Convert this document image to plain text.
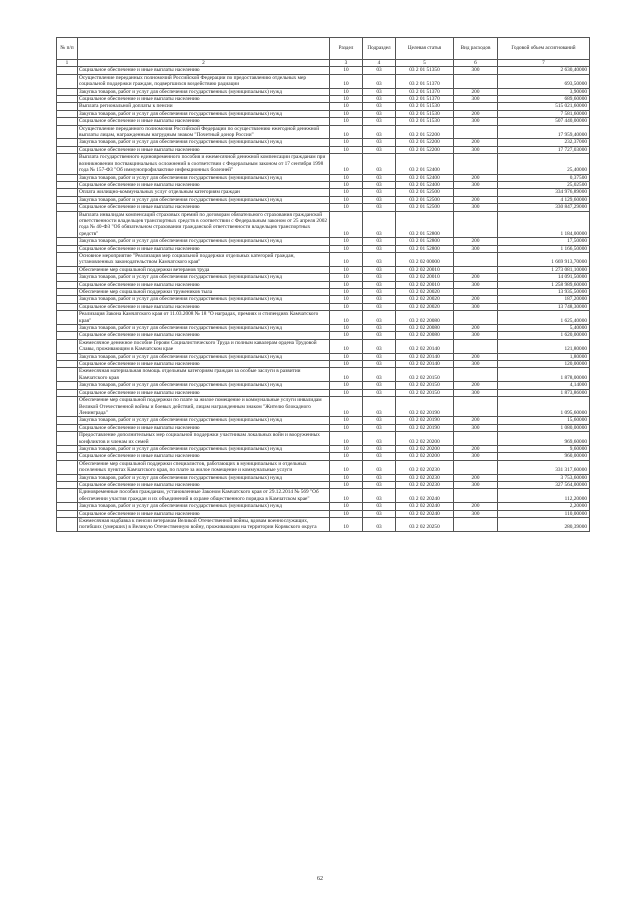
№ п/п		Раздел	Подраздел	Целевая статья	Вид расходов	Годовой объем ассигнований
1	2	3	4	5	6	7
	Социальное обеспечение и иные выплаты населению	10	03	03 2 01 51350	300	2 630,40000
	Осуществление переданных полномочий Российской Федерации по предоставлению отдельных мер социальной поддержки граждан, подвергшихся воздействию радиации	10	03	03 2 01 51370		693,50000
	Закупка товаров, работ и услуг для обеспечения государственных (муниципальных) нужд	10	03	03 2 01 51370	200	3,90000
	Социальное обеспечение и иные выплаты населению	10	03	03 2 01 51370	300	689,60000
	Выплата региональной доплаты к пенсии	10	03	03 2 01 51530		515 021,60000
	Закупка товаров, работ и услуг для обеспечения государственных (муниципальных) нужд	10	03	03 2 01 51530	200	7 581,60000
	Социальное обеспечение и иные выплаты населению	10	03	03 2 01 51530	300	507 440,00000
	Осуществление переданного полномочия Российской Федерации по осуществлению ежегодной денежной выплаты лицам, награжденным нагрудным знаком "Почетный донор России"	10	03	03 2 01 52200		17 959,40000
	Закупка товаров, работ и услуг для обеспечения государственных (муниципальных) нужд	10	03	03 2 01 52200	200	232,37000
	Социальное обеспечение и иные выплаты населению	10	03	03 2 01 52200	300	17 727,03000
	Выплата государственного единовременного пособия и ежемесячной денежной компенсации гражданам при возникновении поствакцинальных осложнений в соответствии с Федеральным законом от 17 сентября 1998 года № 157-ФЗ "Об иммунопрофилактике инфекционных болезней"	10	03	03 2 01 52400		25,40000
	Закупка товаров, работ и услуг для обеспечения государственных (муниципальных) нужд	10	03	03 2 01 52400	200	0,37500
	Социальное обеспечение и иные выплаты населению	10	03	03 2 01 52400	300	25,02500
	Оплата жилищно-коммунальных услуг отдельным категориям граждан	10	03	03 2 01 52500		334 976,89000
	Закупка товаров, работ и услуг для обеспечения государственных (муниципальных) нужд	10	03	03 2 01 52500	200	4 129,60000
	Социальное обеспечение и иные выплаты населению	10	03	03 2 01 52500	300	330 847,29000
	Выплата инвалидам компенсаций страховых премий по договорам обязательного страхования гражданской ответственности владельцев транспортных средств в соответствии с Федеральным законом от 25 апреля 2002 года № 40-ФЗ "Об обязательном страховании гражданской ответственности владельцев транспортных средств"	10	03	03 2 01 52800		1 184,00000
	Закупка товаров, работ и услуг для обеспечения государственных (муниципальных) нужд	10	03	03 2 01 52800	200	17,50000
	Социальное обеспечение и иные выплаты населению	10	03	03 2 01 52800	300	1 166,50000
	Основное мероприятие "Реализация мер социальной поддержки отдельных категорий граждан, установленных законодательством Камчатского края"	10	03	03 2 02 00000		1 669 913,70000
	Обеспечение мер социальной поддержки ветеранов труда	10	03	03 2 02 20010		1 273 081,10000
	Закупка товаров, работ и услуг для обеспечения государственных (муниципальных) нужд	10	03	03 2 02 20010	200	14 091,50000
	Социальное обеспечение и иные выплаты населению	10	03	03 2 02 20010	300	1 258 989,60000
	Обеспечение мер социальной поддержки тружеников тыла	10	03	03 2 02 20020		13 935,50000
	Закупка товаров, работ и услуг для обеспечения государственных (муниципальных) нужд	10	03	03 2 02 20020	200	187,20000
	Социальное обеспечение и иные выплаты населению	10	03	03 2 02 20020	300	13 748,30000
	Реализация Закона Камчатского края от 11.03.2008 № 18 "О наградах, премиях и стипендиях Камчатского края"	10	03	03 2 02 20080		1 625,40000
	Закупка товаров, работ и услуг для обеспечения государственных (муниципальных) нужд	10	03	03 2 02 20080	200	5,40000
	Социальное обеспечение и иные выплаты населению	10	03	03 2 02 20080	300	1 620,00000
	Ежемесячное денежное пособие Героям Социалистического Труда и полным кавалерам ордена Трудовой Славы, проживающим в Камчатском крае	10	03	03 2 02 20140		121,80000
	Закупка товаров, работ и услуг для обеспечения государственных (муниципальных) нужд	10	03	03 2 02 20140	200	1,80000
	Социальное обеспечение и иные выплаты населению	10	03	03 2 02 20140	300	120,00000
	Ежемесячная материальная помощь отдельным категориям граждан за особые заслуги в развитии Камчатского края	10	03	03 2 02 20150		1 878,00000
	Закупка товаров, работ и услуг для обеспечения государственных (муниципальных) нужд	10	03	03 2 02 20150	200	4,14000
	Социальное обеспечение и иные выплаты населению	10	03	03 2 02 20150	300	1 873,86000
	Обеспечение мер социальной поддержки по плате за жилое помещение и коммунальные услуги инвалидам Великой Отечественной войны и боевых действий, лицам награжденным знаком "Жителю блокадного Ленинграда"	10	03	03 2 02 20190		1 095,60000
	Закупка товаров, работ и услуг для обеспечения государственных (муниципальных) нужд	10	03	03 2 02 20190	200	15,60000
	Социальное обеспечение и иные выплаты населению	10	03	03 2 02 20190	300	1 080,00000
	Предоставление дополнительных мер социальной поддержки участникам локальных войн и вооруженных конфликтов и членам их семей	10	03	03 2 02 20200		969,60000
	Закупка товаров, работ и услуг для обеспечения государственных (муниципальных) нужд	10	03	03 2 02 20200	200	9,60000
	Социальное обеспечение и иные выплаты населению	10	03	03 2 02 20200	300	960,00000
	Обеспечение мер социальной поддержки специалистов, работающих в муниципальных и отдельных поселенных пунктах Камчатского края, по плате за жилое помещение и коммунальные услуги	10	03	03 2 02 20230		331 317,60000
	Закупка товаров, работ и услуг для обеспечения государственных (муниципальных) нужд	10	03	03 2 02 20230	200	3 753,60000
	Социальное обеспечение и иные выплаты населению	10	03	03 2 02 20230	300	327 564,00000
	Единовременные пособия гражданам, установленные Законом Камчатского края от 29.12.2014 № 569 "Об обеспечении участия граждан и их объединений в охране общественного порядка в Камчатском крае"	10	03	03 2 02 20240		112,20000
	Закупка товаров, работ и услуг для обеспечения государственных (муниципальных) нужд	10	03	03 2 02 20240	200	2,20000
	Социальное обеспечение и иные выплаты населению	10	03	03 2 02 20240	300	110,00000
	Ежемесячная надбавка к пенсии ветеранам Великой Отечественной войны, вдовам военнослужащих, погибших (умерших) в Великую Отечественную войну, проживающим на территории Корякского округа	10	03	03 2 02 20250		280,39000
62
